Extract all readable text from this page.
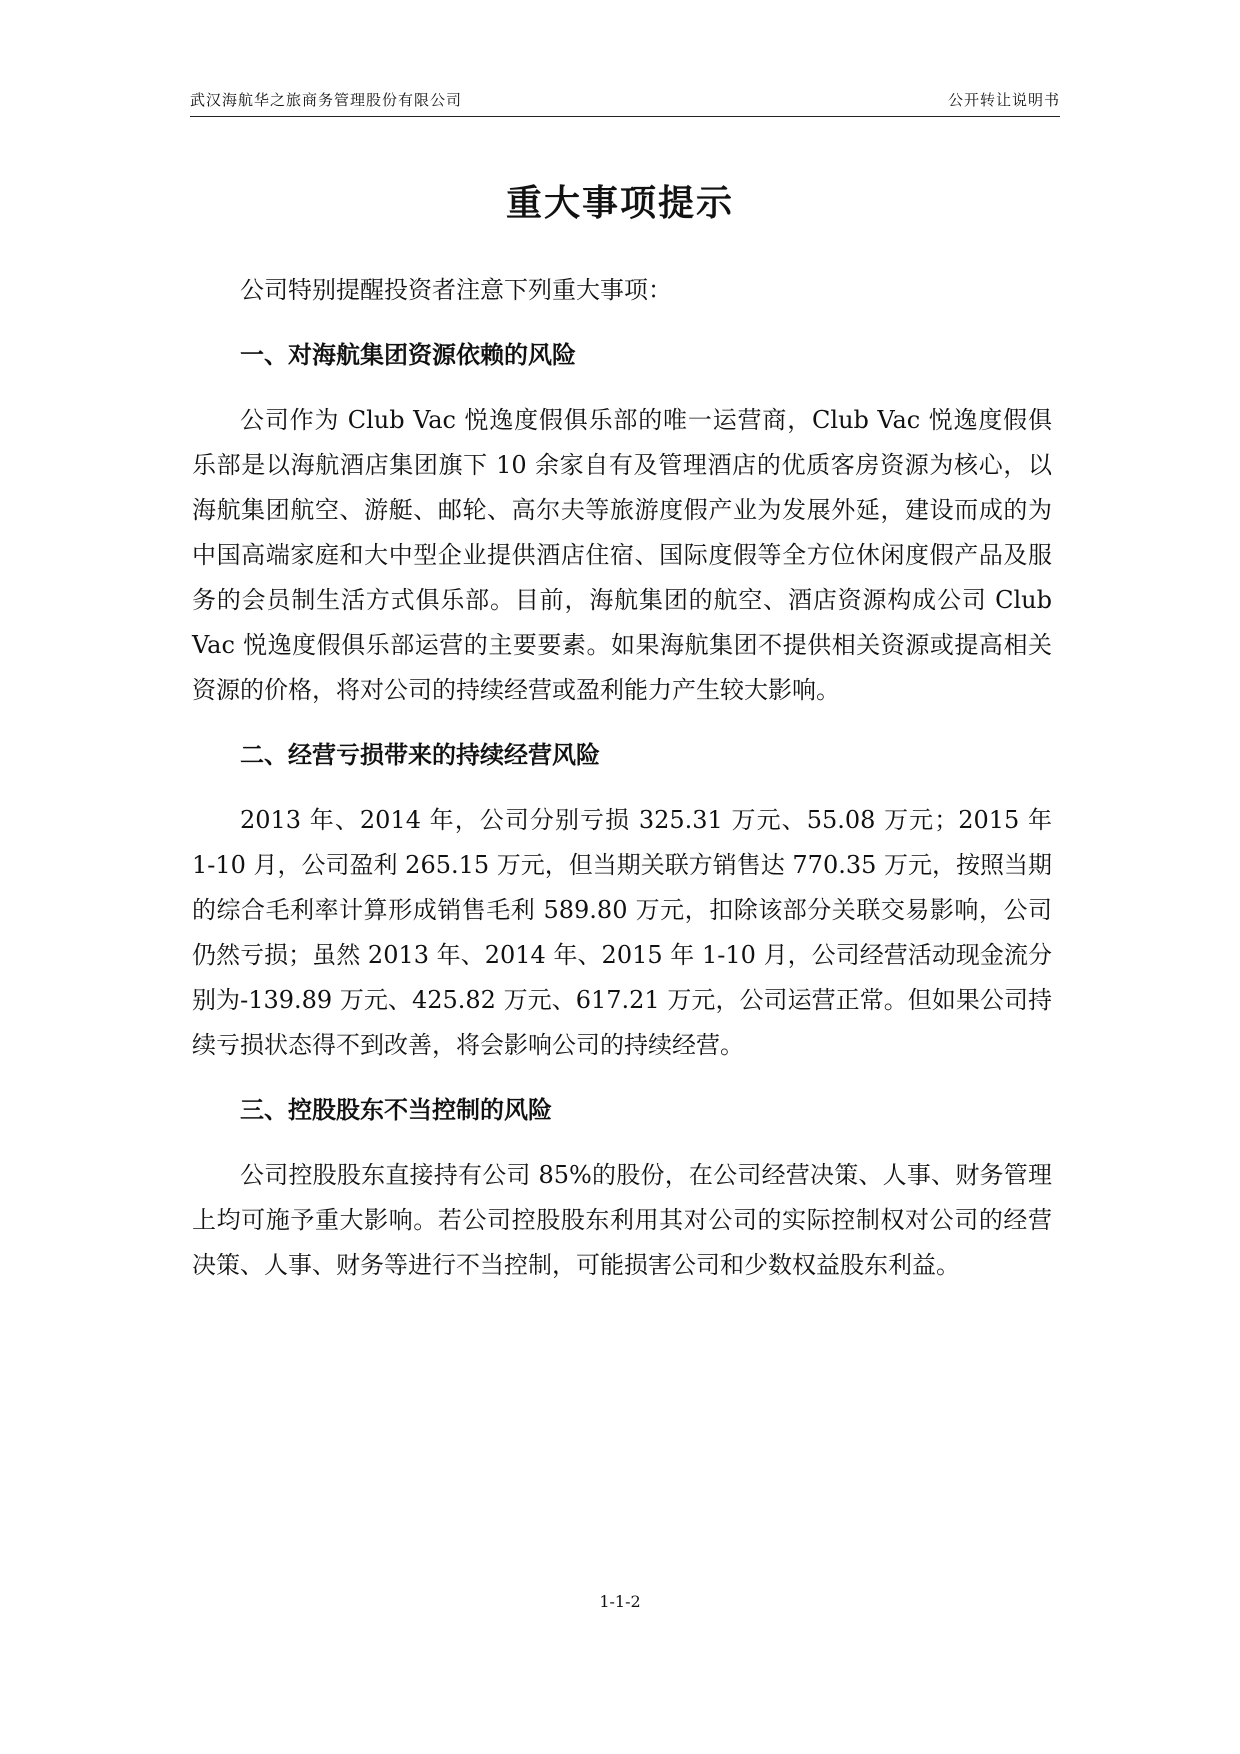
武汉海航华之旅商务管理股份有限公司	公开转让说明书
重大事项提示

公司特别提醒投资者注意下列重大事项：

一、对海航集团资源依赖的风险

公司作为 Club Vac 悦逸度假俱乐部的唯一运营商，Club Vac 悦逸度假俱乐部是以海航酒店集团旗下 10 余家自有及管理酒店的优质客房资源为核心，以海航集团航空、游艇、邮轮、高尔夫等旅游度假产业为发展外延，建设而成的为中国高端家庭和大中型企业提供酒店住宿、国际度假等全方位休闲度假产品及服务的会员制生活方式俱乐部。目前，海航集团的航空、酒店资源构成公司 Club Vac 悦逸度假俱乐部运营的主要要素。如果海航集团不提供相关资源或提高相关资源的价格，将对公司的持续经营或盈利能力产生较大影响。

二、经营亏损带来的持续经营风险

2013 年、2014 年，公司分别亏损 325.31 万元、55.08 万元；2015 年 1-10 月，公司盈利 265.15 万元，但当期关联方销售达 770.35 万元，按照当期的综合毛利率计算形成销售毛利 589.80 万元，扣除该部分关联交易影响，公司仍然亏损；虽然 2013 年、2014 年、2015 年 1-10 月，公司经营活动现金流分别为-139.89 万元、425.82 万元、617.21 万元，公司运营正常。但如果公司持续亏损状态得不到改善，将会影响公司的持续经营。

三、控股股东不当控制的风险

公司控股股东直接持有公司 85%的股份，在公司经营决策、人事、财务管理上均可施予重大影响。若公司控股股东利用其对公司的实际控制权对公司的经营决策、人事、财务等进行不当控制，可能损害公司和少数权益股东利益。

1-1-2
